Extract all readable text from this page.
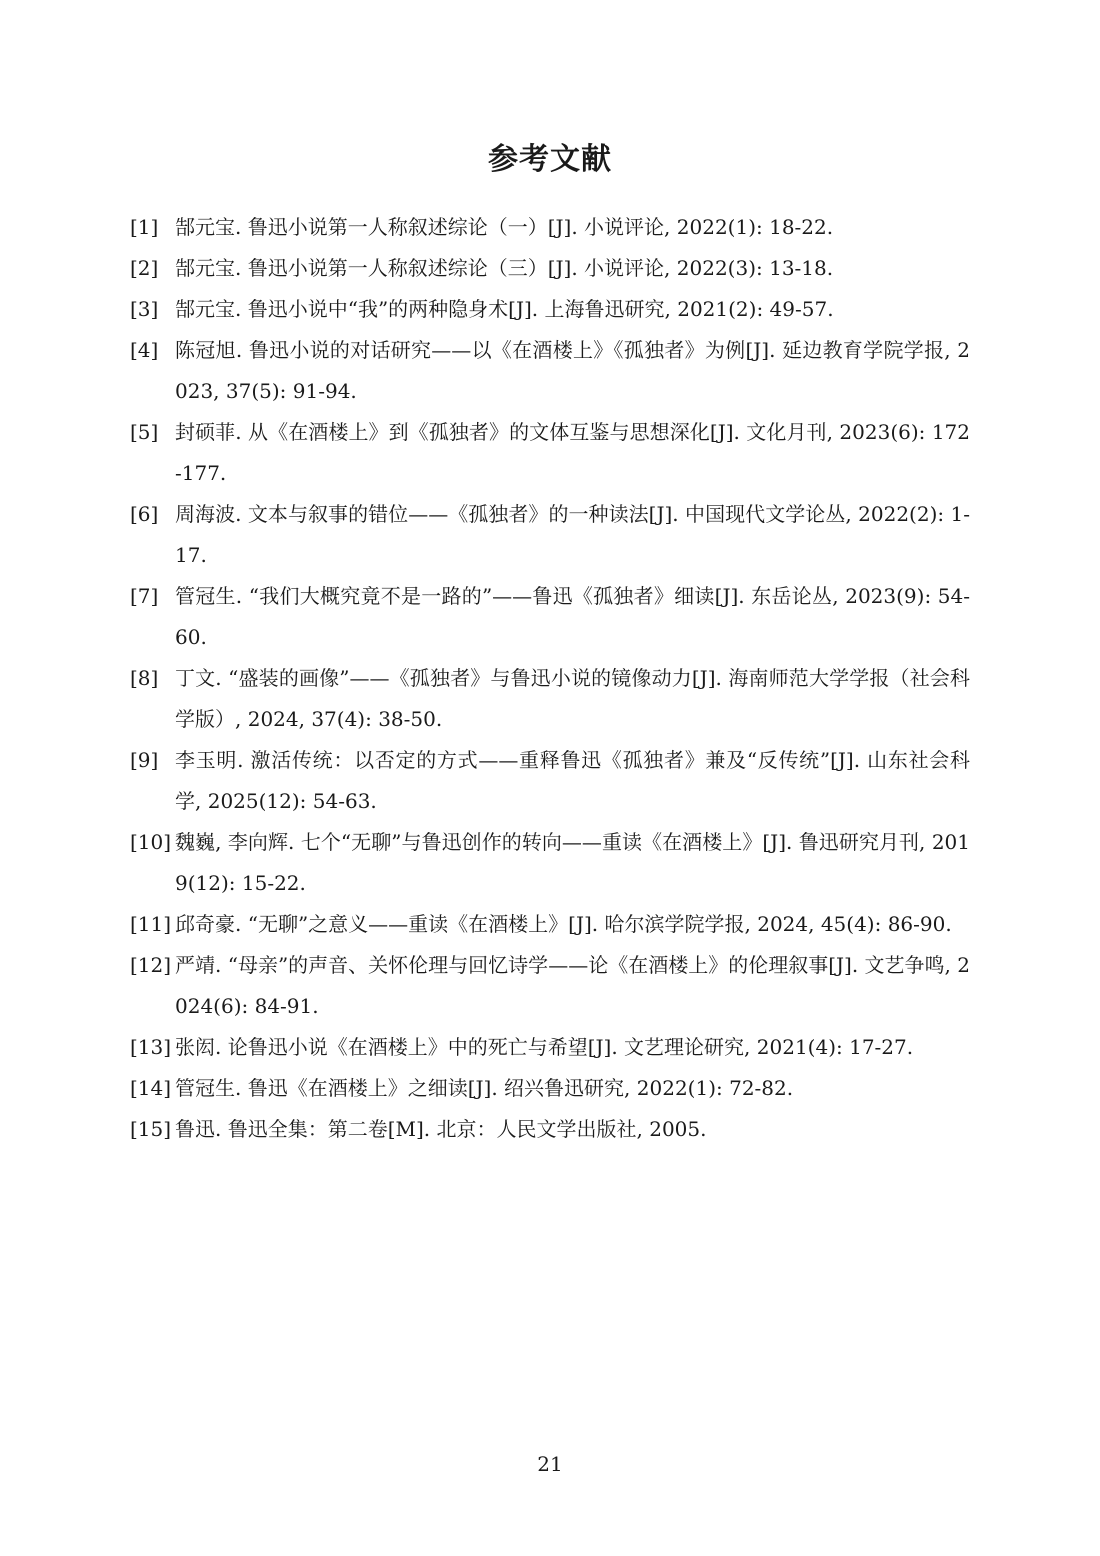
参考文献
[1] 郜元宝. 鲁迅小说第一人称叙述综论（一）[J]. 小说评论, 2022(1): 18-22.
[2] 郜元宝. 鲁迅小说第一人称叙述综论（三）[J]. 小说评论, 2022(3): 13-18.
[3] 郜元宝. 鲁迅小说中“我”的两种隐身术[J]. 上海鲁迅研究, 2021(2): 49-57.
[4] 陈冠旭. 鲁迅小说的对话研究——以《在酒楼上》《孤独者》为例[J]. 延边教育学院学报, 2023, 37(5): 91-94.
[5] 封硕菲. 从《在酒楼上》到《孤独者》的文体互鉴与思想深化[J]. 文化月刊, 2023(6): 172-177.
[6] 周海波. 文本与叙事的错位——《孤独者》的一种读法[J]. 中国现代文学论丛, 2022(2): 1-17.
[7] 管冠生. “我们大概究竟不是一路的”——鲁迅《孤独者》细读[J]. 东岳论丛, 2023(9): 54-60.
[8] 丁文. “盛装的画像”——《孤独者》与鲁迅小说的镜像动力[J]. 海南师范大学学报（社会科学版）, 2024, 37(4): 38-50.
[9] 李玉明. 激活传统：以否定的方式——重释鲁迅《孤独者》兼及“反传统”[J]. 山东社会科学, 2025(12): 54-63.
[10] 魏巍, 李向辉. 七个“无聊”与鲁迅创作的转向——重读《在酒楼上》[J]. 鲁迅研究月刊, 2019(12): 15-22.
[11] 邱奇豪. “无聊”之意义——重读《在酒楼上》[J]. 哈尔滨学院学报, 2024, 45(4): 86-90.
[12] 严靖. “母亲”的声音、关怀伦理与回忆诗学——论《在酒楼上》的伦理叙事[J]. 文艺争鸣, 2024(6): 84-91.
[13] 张闳. 论鲁迅小说《在酒楼上》中的死亡与希望[J]. 文艺理论研究, 2021(4): 17-27.
[14] 管冠生. 鲁迅《在酒楼上》之细读[J]. 绍兴鲁迅研究, 2022(1): 72-82.
[15] 鲁迅. 鲁迅全集：第二卷[M]. 北京：人民文学出版社, 2005.
21
